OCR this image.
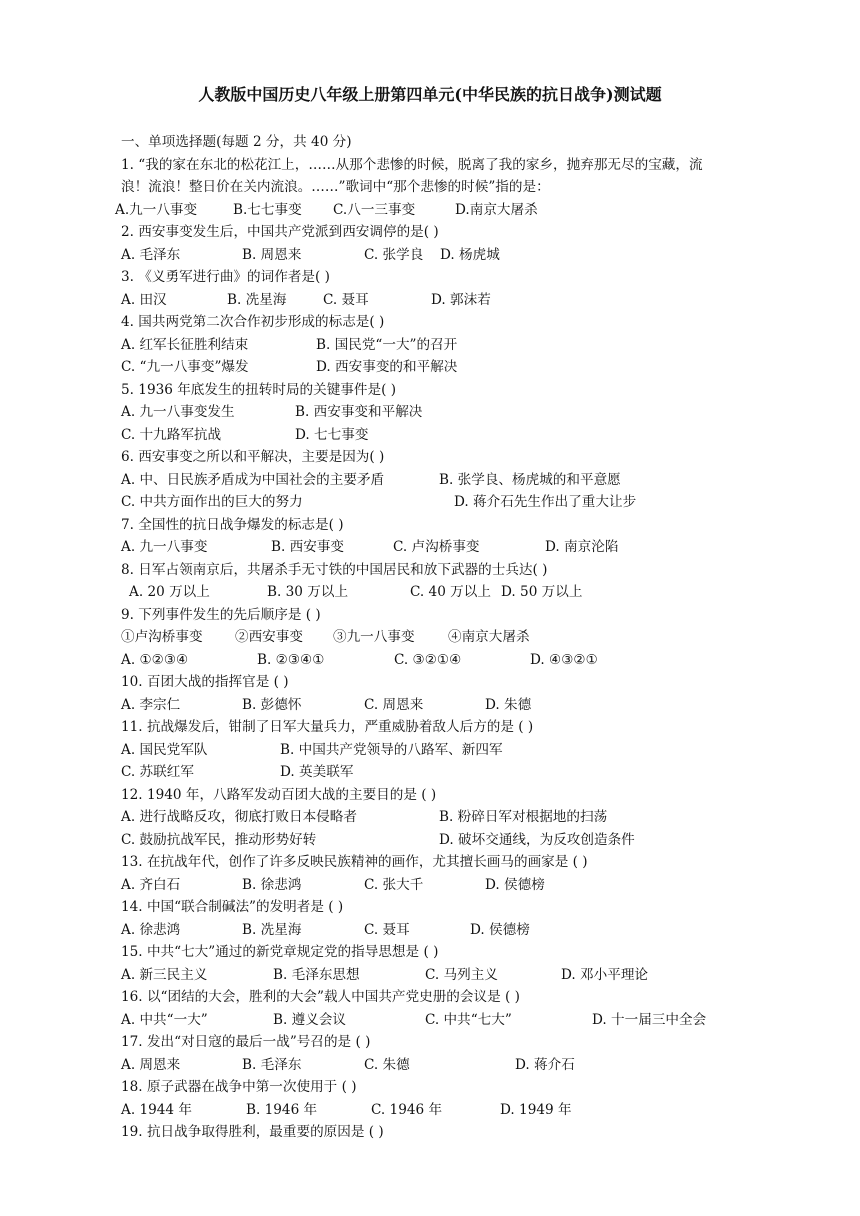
人教版中国历史八年级上册第四单元(中华民族的抗日战争)测试题
一、单项选择题(每题 2 分，共 40 分)
1. “我的家在东北的松花江上，……从那个悲惨的时候，脱离了我的家乡，抛弃那无尽的宝藏，流
浪！流浪！整日价在关内流浪。……”歌词中“那个悲惨的时候”指的是：
A.九一八事变	B.七七事变 C.八一三事变	D.南京大屠杀
2. 西安事变发生后，中国共产党派到西安调停的是( )
A. 毛泽东	B. 周恩来	C. 张学良 D. 杨虎城
3. 《义勇军进行曲》的词作者是( )
A. 田汉	B. 冼星海	C. 聂耳	D. 郭沫若
4. 国共两党第二次合作初步形成的标志是( )
A. 红军长征胜利结束	B. 国民党“一大”的召开
C. “九一八事变”爆发	D. 西安事变的和平解决
5. 1936 年底发生的扭转时局的关键事件是( )
A. 九一八事变发生	B. 西安事变和平解决
C. 十九路军抗战	D. 七七事变
6. 西安事变之所以和平解决，主要是因为( )
A. 中、日民族矛盾成为中国社会的主要矛盾	B. 张学良、杨虎城的和平意愿
C. 中共方面作出的巨大的努力	D. 蒋介石先生作出了重大让步
7. 全国性的抗日战争爆发的标志是( )
A. 九一八事变	B. 西安事变	C. 卢沟桥事变	D. 南京沦陷
8. 日军占领南京后，共屠杀手无寸铁的中国居民和放下武器的士兵达( )
A. 20 万以上	B. 30 万以上	C. 40 万以上 D. 50 万以上
9. 下列事件发生的先后顺序是 ( )
①卢沟桥事变 ②西安事变 ③九一八事变 ④南京大屠杀
A. ①②③④	B. ②③④①	C. ③②①④	D. ④③②①
10. 百团大战的指挥官是 ( )
A. 李宗仁	B. 彭德怀	C. 周恩来	D. 朱德
11. 抗战爆发后，钳制了日军大量兵力，严重威胁着敌人后方的是 ( )
A. 国民党军队	B. 中国共产党领导的八路军、新四军
C. 苏联红军	D. 英美联军
12. 1940 年，八路军发动百团大战的主要目的是 ( )
A. 进行战略反攻，彻底打败日本侵略者	B. 粉碎日军对根据地的扫荡
C. 鼓励抗战军民，推动形势好转	D. 破坏交通线，为反攻创造条件
13. 在抗战年代，创作了许多反映民族精神的画作，尤其擅长画马的画家是 ( )
A. 齐白石	B. 徐悲鸿	C. 张大千	D. 侯德榜
14. 中国“联合制碱法”的发明者是 ( )
A. 徐悲鸿	B. 冼星海	C. 聂耳	D. 侯德榜
15. 中共“七大”通过的新党章规定党的指导思想是 ( )
A. 新三民主义	B. 毛泽东思想	C. 马列主义	D. 邓小平理论
16. 以“团结的大会，胜利的大会”载人中国共产党史册的会议是 ( )
A. 中共“一大”	B. 遵义会议	C. 中共“七大”	D. 十一届三中全会
17. 发出“对日寇的最后一战”号召的是 ( )
A. 周恩来	B. 毛泽东	C. 朱德	D. 蒋介石
18. 原子武器在战争中第一次使用于 ( )
A. 1944 年	B. 1946 年	C. 1946 年	D. 1949 年
19. 抗日战争取得胜利，最重要的原因是 ( )
